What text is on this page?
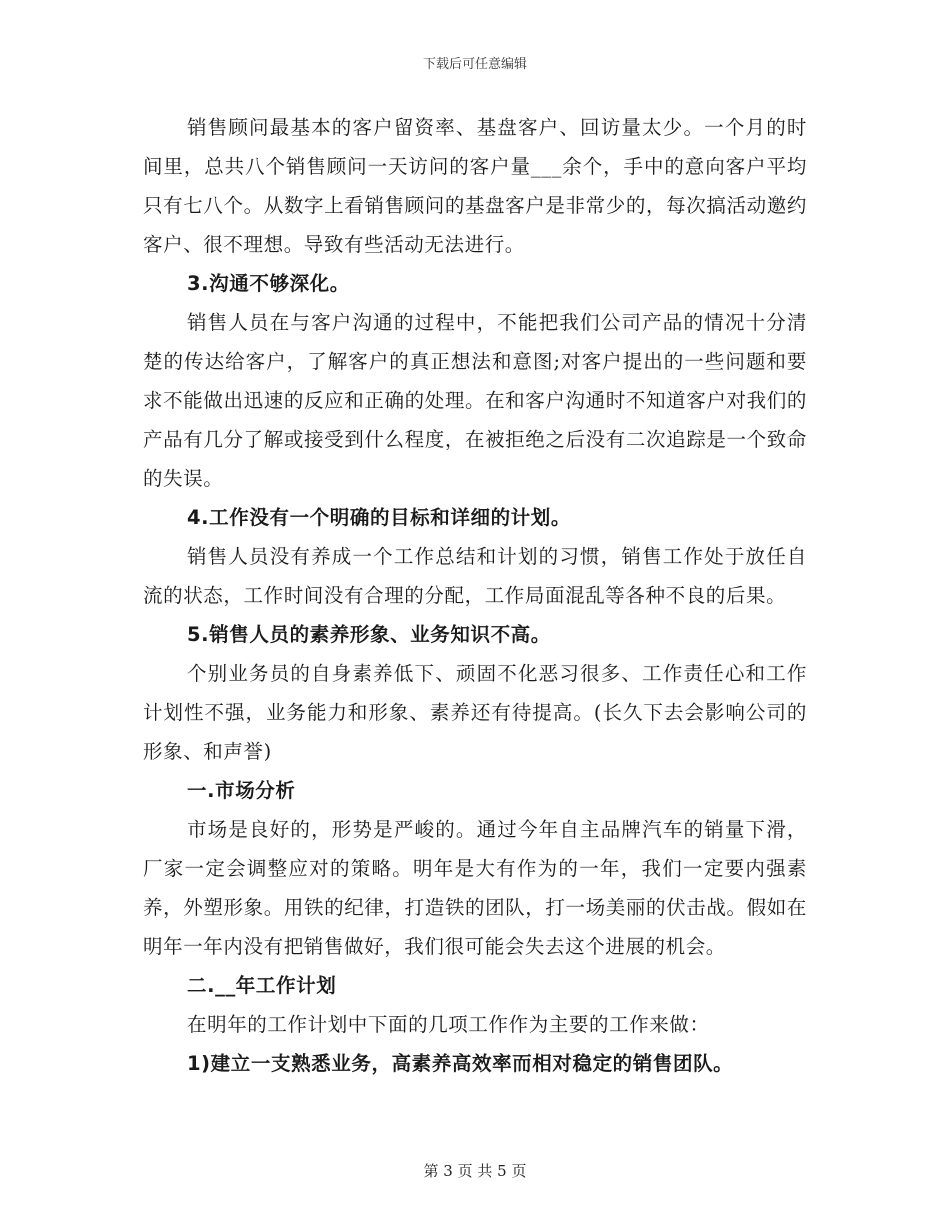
下载后可任意编辑

销售顾问最基本的客户留资率、基盘客户、回访量太少。一个月的时间里，总共八个销售顾问一天访问的客户量___余个，手中的意向客户平均只有七八个。从数字上看销售顾问的基盘客户是非常少的，每次搞活动邀约客户、很不理想。导致有些活动无法进行。

3.沟通不够深化。

销售人员在与客户沟通的过程中，不能把我们公司产品的情况十分清楚的传达给客户，了解客户的真正想法和意图;对客户提出的一些问题和要求不能做出迅速的反应和正确的处理。在和客户沟通时不知道客户对我们的产品有几分了解或接受到什么程度，在被拒绝之后没有二次追踪是一个致命的失误。

4.工作没有一个明确的目标和详细的计划。

销售人员没有养成一个工作总结和计划的习惯，销售工作处于放任自流的状态，工作时间没有合理的分配，工作局面混乱等各种不良的后果。

5.销售人员的素养形象、业务知识不高。

个别业务员的自身素养低下、顽固不化恶习很多、工作责任心和工作计划性不强，业务能力和形象、素养还有待提高。(长久下去会影响公司的形象、和声誉)

一.市场分析

市场是良好的，形势是严峻的。通过今年自主品牌汽车的销量下滑，厂家一定会调整应对的策略。明年是大有作为的一年，我们一定要内强素养，外塑形象。用铁的纪律，打造铁的团队，打一场美丽的伏击战。假如在明年一年内没有把销售做好，我们很可能会失去这个进展的机会。

二.__年工作计划

在明年的工作计划中下面的几项工作作为主要的工作来做：

1)建立一支熟悉业务，高素养高效率而相对稳定的销售团队。

第 3 页 共 5 页
